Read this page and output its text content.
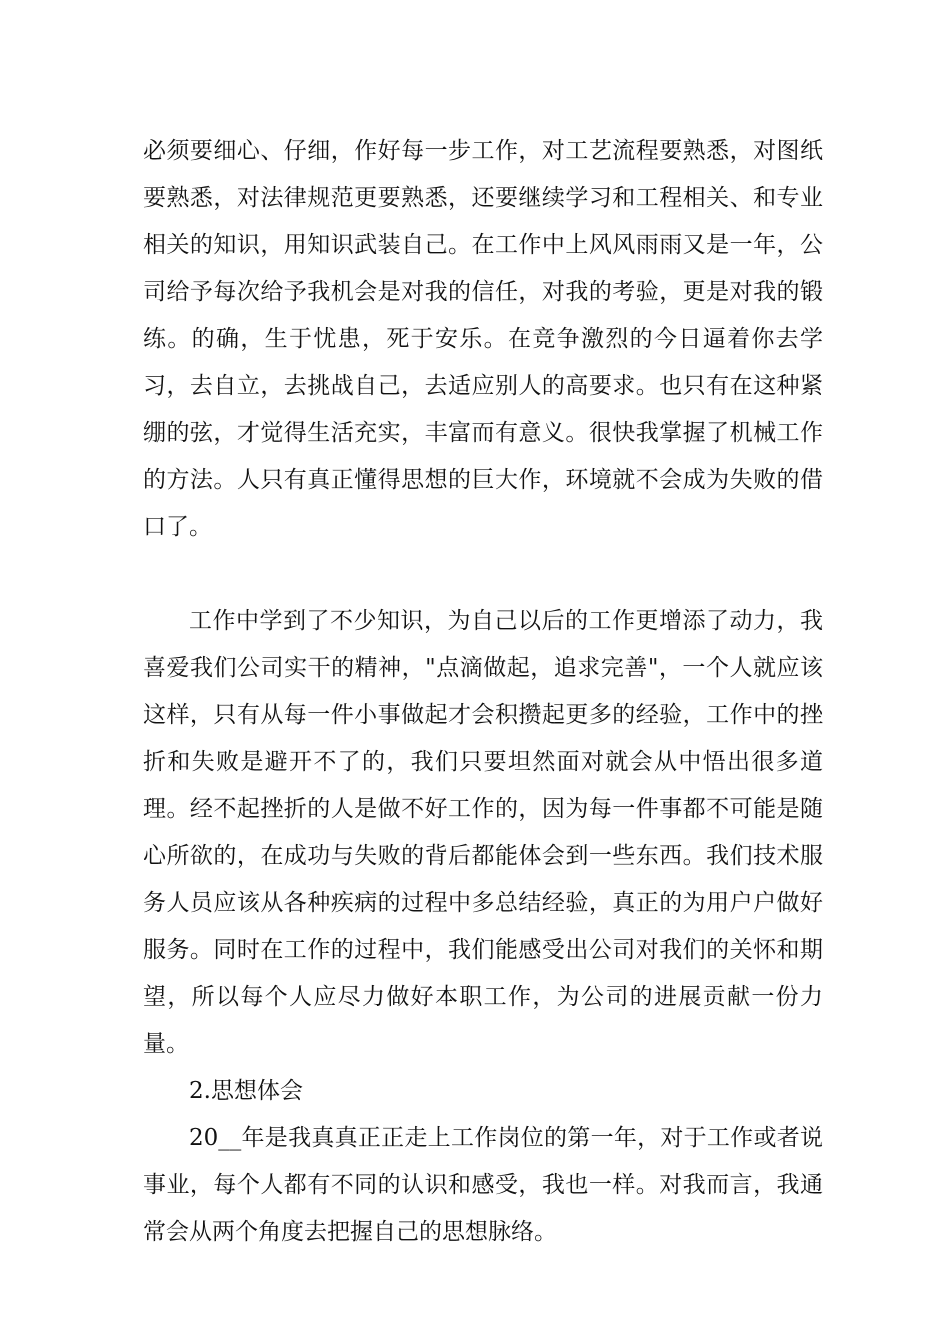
必须要细心、仔细，作好每一步工作，对工艺流程要熟悉，对图纸要熟悉，对法律规范更要熟悉，还要继续学习和工程相关、和专业相关的知识，用知识武装自己。在工作中上风风雨雨又是一年，公司给予每次给予我机会是对我的信任，对我的考验，更是对我的锻练。的确，生于忧患，死于安乐。在竞争激烈的今日逼着你去学习，去自立，去挑战自己，去适应别人的高要求。也只有在这种紧绷的弦，才觉得生活充实，丰富而有意义。很快我掌握了机械工作的方法。人只有真正懂得思想的巨大作，环境就不会成为失败的借口了。

工作中学到了不少知识，为自己以后的工作更增添了动力，我喜爱我们公司实干的精神，"点滴做起，追求完善"，一个人就应该这样，只有从每一件小事做起才会积攒起更多的经验，工作中的挫折和失败是避开不了的，我们只要坦然面对就会从中悟出很多道理。经不起挫折的人是做不好工作的，因为每一件事都不可能是随心所欲的，在成功与失败的背后都能体会到一些东西。我们技术服务人员应该从各种疾病的过程中多总结经验，真正的为用户户做好服务。同时在工作的过程中，我们能感受出公司对我们的关怀和期望，所以每个人应尽力做好本职工作，为公司的进展贡献一份力量。

2.思想体会

20__年是我真真正正走上工作岗位的第一年，对于工作或者说事业，每个人都有不同的认识和感受，我也一样。对我而言，我通常会从两个角度去把握自己的思想脉络。
